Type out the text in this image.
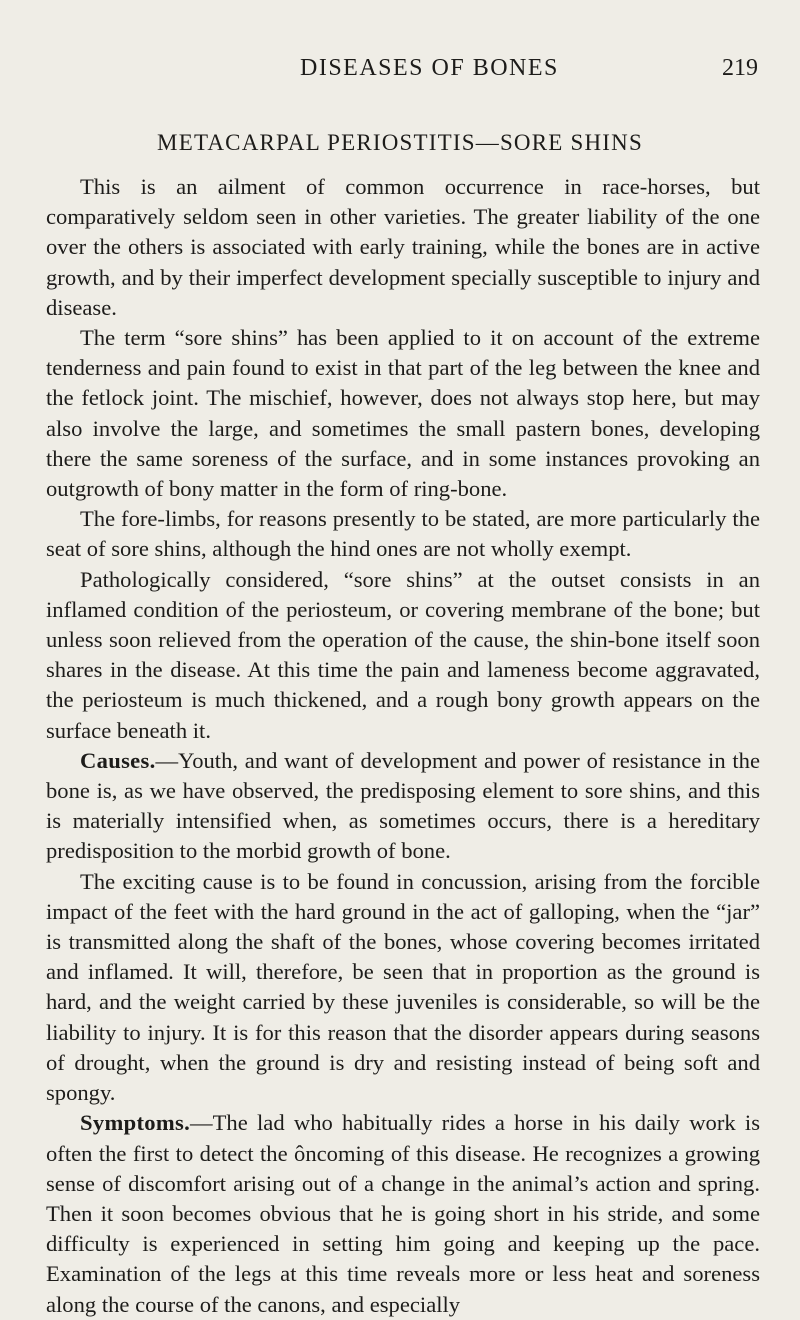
DISEASES OF BONES	219
METACARPAL PERIOSTITIS—SORE SHINS

This is an ailment of common occurrence in race-horses, but comparatively seldom seen in other varieties. The greater liability of the one over the others is associated with early training, while the bones are in active growth, and by their imperfect development specially susceptible to injury and disease.

The term “sore shins” has been applied to it on account of the extreme tenderness and pain found to exist in that part of the leg between the knee and the fetlock joint. The mischief, however, does not always stop here, but may also involve the large, and sometimes the small pastern bones, developing there the same soreness of the surface, and in some instances provoking an outgrowth of bony matter in the form of ring-bone.

The fore-limbs, for reasons presently to be stated, are more particularly the seat of sore shins, although the hind ones are not wholly exempt.

Pathologically considered, “sore shins” at the outset consists in an inflamed condition of the periosteum, or covering membrane of the bone; but unless soon relieved from the operation of the cause, the shin-bone itself soon shares in the disease. At this time the pain and lameness become aggravated, the periosteum is much thickened, and a rough bony growth appears on the surface beneath it.

Causes.—Youth, and want of development and power of resistance in the bone is, as we have observed, the predisposing element to sore shins, and this is materially intensified when, as sometimes occurs, there is a hereditary predisposition to the morbid growth of bone.

The exciting cause is to be found in concussion, arising from the forcible impact of the feet with the hard ground in the act of galloping, when the “jar” is transmitted along the shaft of the bones, whose covering becomes irritated and inflamed. It will, therefore, be seen that in proportion as the ground is hard, and the weight carried by these juveniles is considerable, so will be the liability to injury. It is for this reason that the disorder appears during seasons of drought, when the ground is dry and resisting instead of being soft and spongy.

Symptoms.—The lad who habitually rides a horse in his daily work is often the first to detect the ôncoming of this disease. He recognizes a growing sense of discomfort arising out of a change in the animal’s action and spring. Then it soon becomes obvious that he is going short in his stride, and some difficulty is experienced in setting him going and keeping up the pace. Examination of the legs at this time reveals more or less heat and soreness along the course of the canons, and especially
